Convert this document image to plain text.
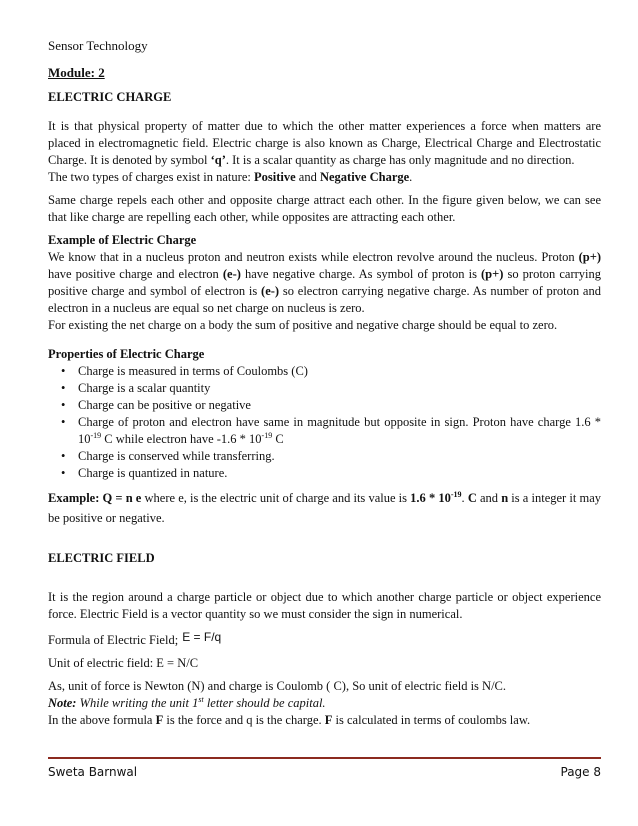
Sensor Technology
Module: 2
ELECTRIC CHARGE

It is that physical property of matter due to which the other matter experiences a force when matters are placed in electromagnetic field. Electric charge is also known as Charge, Electrical Charge and Electrostatic Charge. It is denoted by symbol ‘q’. It is a scalar quantity as charge has only magnitude and no direction.

The two types of charges exist in nature: Positive and Negative Charge.

Same charge repels each other and opposite charge attract each other. In the figure given below, we can see that like charge are repelling each other, while opposites are attracting each other.

Example of Electric Charge

We know that in a nucleus proton and neutron exists while electron revolve around the nucleus. Proton (p+) have positive charge and electron (e-) have negative charge. As symbol of proton is (p+) so proton carrying positive charge and symbol of electron is (e-) so electron carrying negative charge. As number of proton and electron in a nucleus are equal so net charge on nucleus is zero.

For existing the net charge on a body the sum of positive and negative charge should be equal to zero.

Properties of Electric Charge
• Charge is measured in terms of Coulombs (C)
• Charge is a scalar quantity
• Charge can be positive or negative
• Charge of proton and electron have same in magnitude but opposite in sign. Proton have charge $1.6 * 10^{-19}$ C while electron have $-1.6 * 10^{-19}$ C
• Charge is conserved while transferring.
• Charge is quantized in nature.

Example: Q = n e where e, is the electric unit of charge and its value is $1.6 * 10^{-19}$. C and n is a integer it may be positive or negative.

ELECTRIC FIELD

It is the region around a charge particle or object due to which another charge particle or object experience force. Electric Field is a vector quantity so we must consider the sign in numerical.

Formula of Electric Field; E = F/q

Unit of electric field: E = N/C

As, unit of force is Newton (N) and charge is Coulomb ( C), So unit of electric field is N/C.

Note: While writing the unit 1st letter should be capital.

In the above formula F is the force and q is the charge. F is calculated in terms of coulombs law.

Sweta Barnwal	Page 8
